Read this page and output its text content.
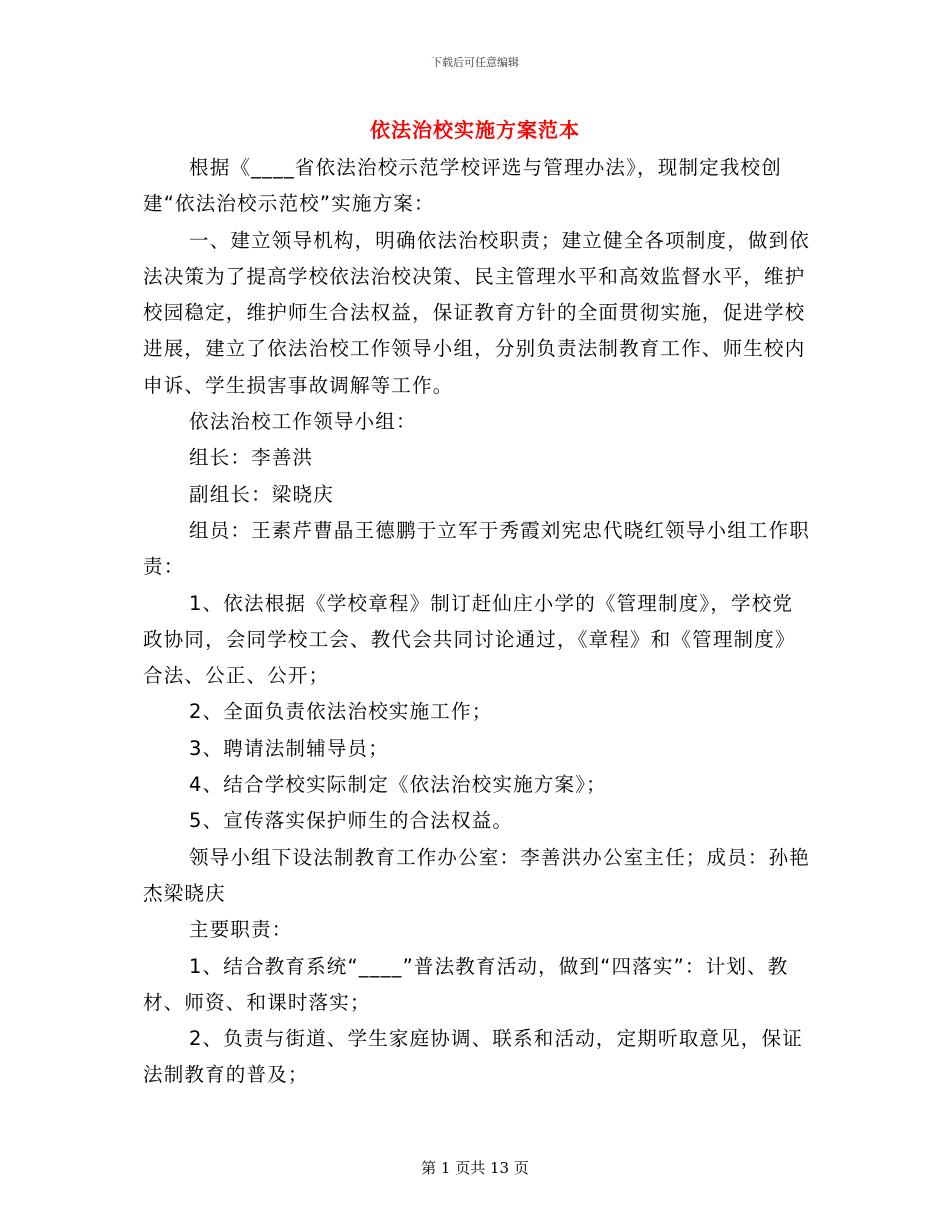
下载后可任意编辑
依法治校实施方案范本

根据《____省依法治校示范学校评选与管理办法》，现制定我校创建“依法治校示范校”实施方案：

一、建立领导机构，明确依法治校职责；建立健全各项制度，做到依法决策为了提高学校依法治校决策、民主管理水平和高效监督水平，维护校园稳定，维护师生合法权益，保证教育方针的全面贯彻实施，促进学校进展，建立了依法治校工作领导小组，分别负责法制教育工作、师生校内申诉、学生损害事故调解等工作。

依法治校工作领导小组：

组长：李善洪

副组长：梁晓庆

组员：王素芹曹晶王德鹏于立军于秀霞刘宪忠代晓红领导小组工作职责：

1、依法根据《学校章程》制订赶仙庄小学的《管理制度》，学校党政协同，会同学校工会、教代会共同讨论通过，《章程》和《管理制度》合法、公正、公开；

2、全面负责依法治校实施工作；

3、聘请法制辅导员；

4、结合学校实际制定《依法治校实施方案》；

5、宣传落实保护师生的合法权益。

领导小组下设法制教育工作办公室：李善洪办公室主任；成员：孙艳杰梁晓庆

主要职责：

1、结合教育系统“____”普法教育活动，做到“四落实”：计划、教材、师资、和课时落实；

2、负责与街道、学生家庭协调、联系和活动，定期听取意见，保证法制教育的普及；

第 1 页共 13 页
